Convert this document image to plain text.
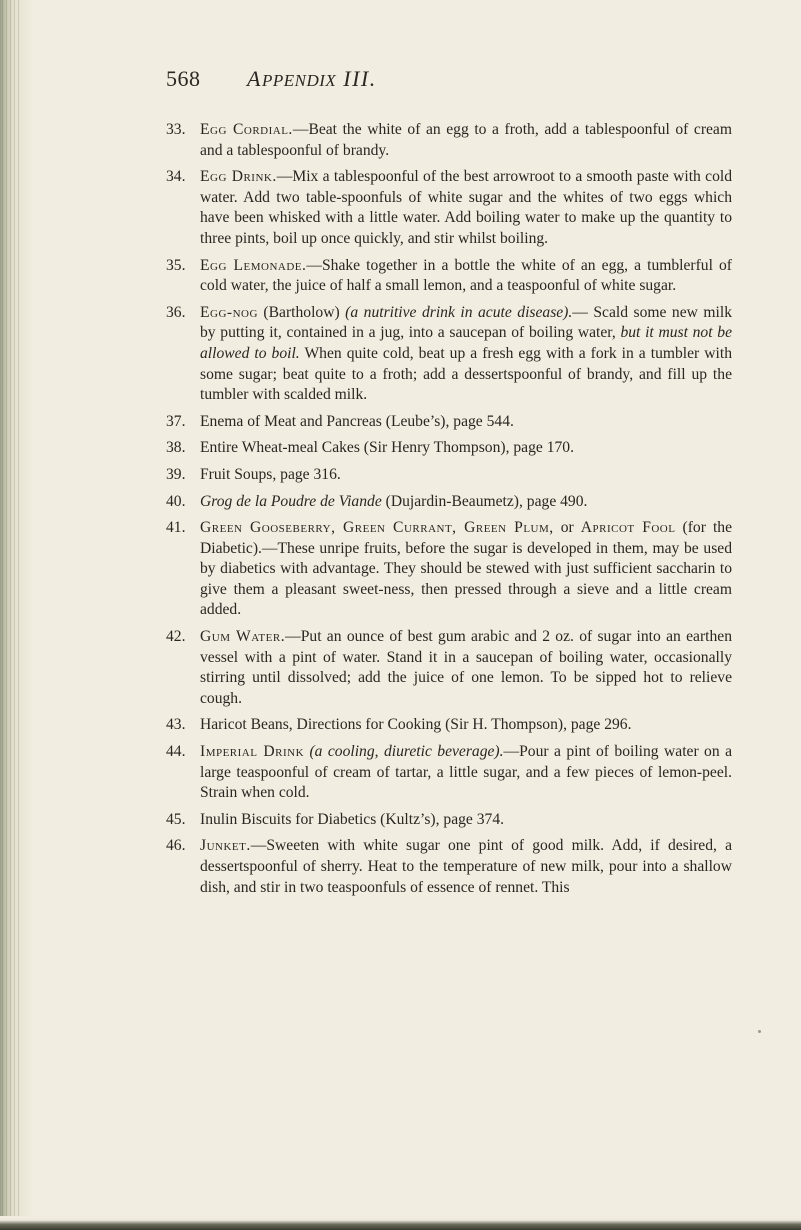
568 APPENDIX III.
33. Egg Cordial.—Beat the white of an egg to a froth, add a tablespoonful of cream and a tablespoonful of brandy.
34. Egg Drink.—Mix a tablespoonful of the best arrowroot to a smooth paste with cold water. Add two table-spoonfuls of white sugar and the whites of two eggs which have been whisked with a little water. Add boiling water to make up the quantity to three pints, boil up once quickly, and stir whilst boiling.
35. Egg Lemonade.—Shake together in a bottle the white of an egg, a tumblerful of cold water, the juice of half a small lemon, and a teaspoonful of white sugar.
36. Egg-nog (Bartholow) (a nutritive drink in acute disease).— Scald some new milk by putting it, contained in a jug, into a saucepan of boiling water, but it must not be allowed to boil. When quite cold, beat up a fresh egg with a fork in a tumbler with some sugar; beat quite to a froth; add a dessertspoonful of brandy, and fill up the tumbler with scalded milk.
37. Enema of Meat and Pancreas (Leube’s), page 544.
38. Entire Wheat-meal Cakes (Sir Henry Thompson), page 170.
39. Fruit Soups, page 316.
40. Grog de la Poudre de Viande (Dujardin-Beaumetz), page 490.
41. Green Gooseberry, Green Currant, Green Plum, or Apricot Fool (for the Diabetic).—These unripe fruits, before the sugar is developed in them, may be used by diabetics with advantage. They should be stewed with just sufficient saccharin to give them a pleasant sweet-ness, then pressed through a sieve and a little cream added.
42. Gum Water.—Put an ounce of best gum arabic and 2 oz. of sugar into an earthen vessel with a pint of water. Stand it in a saucepan of boiling water, occasionally stirring until dissolved; add the juice of one lemon. To be sipped hot to relieve cough.
43. Haricot Beans, Directions for Cooking (Sir H. Thompson), page 296.
44. Imperial Drink (a cooling, diuretic beverage).—Pour a pint of boiling water on a large teaspoonful of cream of tartar, a little sugar, and a few pieces of lemon-peel. Strain when cold.
45. Inulin Biscuits for Diabetics (Kultz’s), page 374.
46. Junket.—Sweeten with white sugar one pint of good milk. Add, if desired, a dessertspoonful of sherry. Heat to the temperature of new milk, pour into a shallow dish, and stir in two teaspoonfuls of essence of rennet. This
